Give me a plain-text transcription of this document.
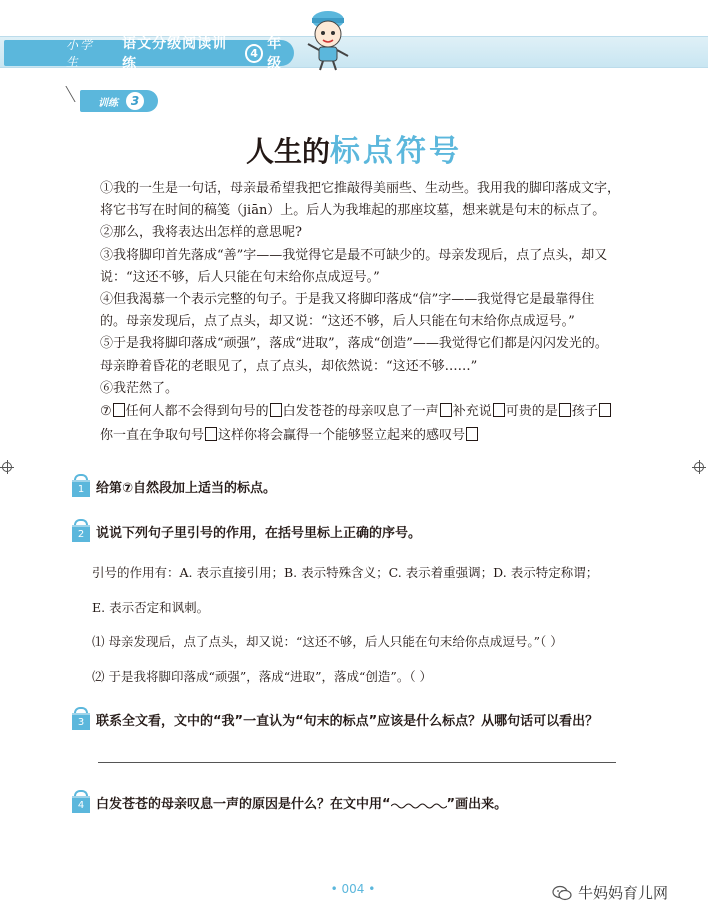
小学生
语文分级阅读训练
4
年级
训练	3
人生的标点符号

①我的一生是一句话，母亲最希望我把它推敲得美丽些、生动些。我用我的脚印落成文字，将它书写在时间的稿笺（jiān）上。后人为我堆起的那座坟墓，想来就是句末的标点了。

②那么，我将表达出怎样的意思呢?

③我将脚印首先落成“善”字——我觉得它是最不可缺少的。母亲发现后，点了点头，却又说：“这还不够，后人只能在句末给你点成逗号。”

④但我渴慕一个表示完整的句子。于是我又将脚印落成“信”字——我觉得它是最靠得住的。母亲发现后，点了点头，却又说：“这还不够，后人只能在句末给你点成逗号。”

⑤于是我将脚印落成“顽强”，落成“进取”，落成“创造”——我觉得它们都是闪闪发光的。母亲睁着昏花的老眼见了，点了点头，却依然说：“这还不够……”

⑥我茫然了。

⑦ 任何人都不会得到句号的 白发苍苍的母亲叹息了一声 补充说 可贵的是 孩子你一直在争取句号 这样你将会赢得一个能够竖立起来的感叹号

1 给第⑦自然段加上适当的标点。
2 说说下列句子里引号的作用，在括号里标上正确的序号。
引号的作用有：A. 表示直接引用；B. 表示特殊含义；C. 表示着重强调；D. 表示特定称谓；
E. 表示否定和讽刺。
⑴ 母亲发现后，点了点头，却又说：“这还不够，后人只能在句末给你点成逗号。”（ ）
⑵ 于是我将脚印落成“顽强”，落成“进取”，落成“创造”。（ ）
3 联系全文看，文中的“我”一直认为“句末的标点”应该是什么标点？从哪句话可以看出？
4 白发苍苍的母亲叹息一声的原因是什么？在文中用“	”画出来。
• 004 •	牛妈妈育儿网
